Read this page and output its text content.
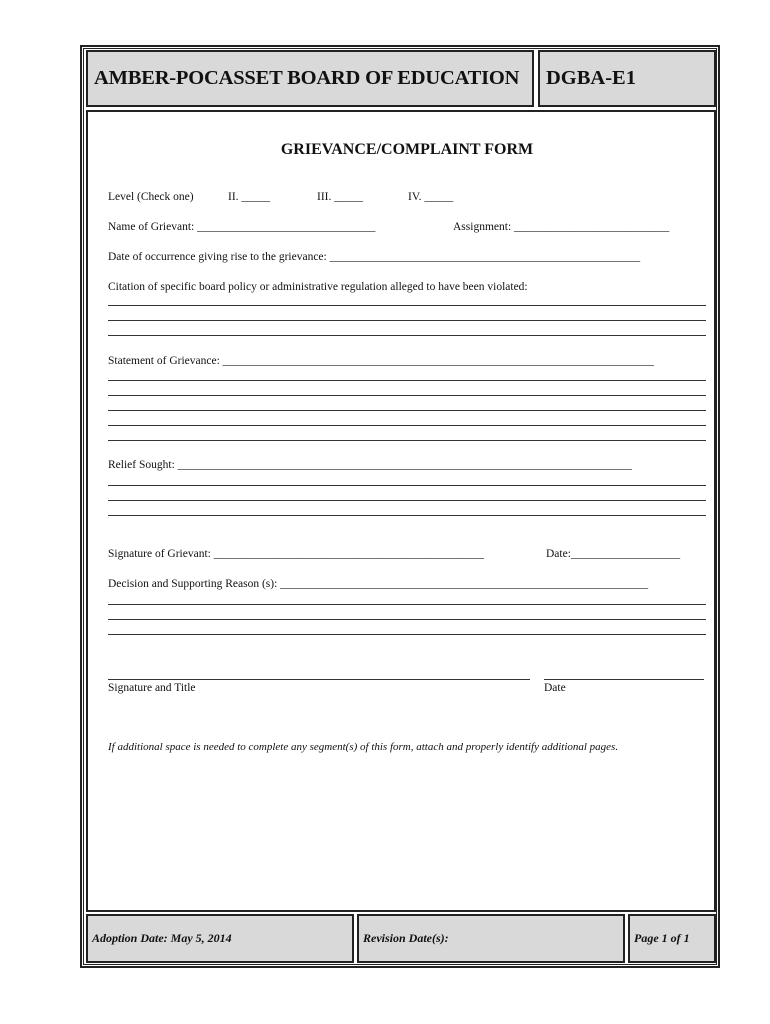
AMBER-POCASSET BOARD OF EDUCATION	DGBA-E1
GRIEVANCE/COMPLAINT FORM
Level (Check one)	II. _____	III. _____	IV. _____
Name of Grievant: _______________________________	Assignment: ___________________________
Date of occurrence giving rise to the grievance: ______________________________________________________
Citation of specific board policy or administrative regulation alleged to have been violated:
Statement of Grievance: ___________________________________________________________________________
Relief Sought: _______________________________________________________________________________
Signature of Grievant: _______________________________________________	Date:___________________
Decision and Supporting Reason (s): ________________________________________________________________
Signature and Title	Date
If additional space is needed to complete any segment(s) of this form, attach and properly identify additional pages.
Adoption Date: May 5, 2014	Revision Date(s):	Page 1 of 1
